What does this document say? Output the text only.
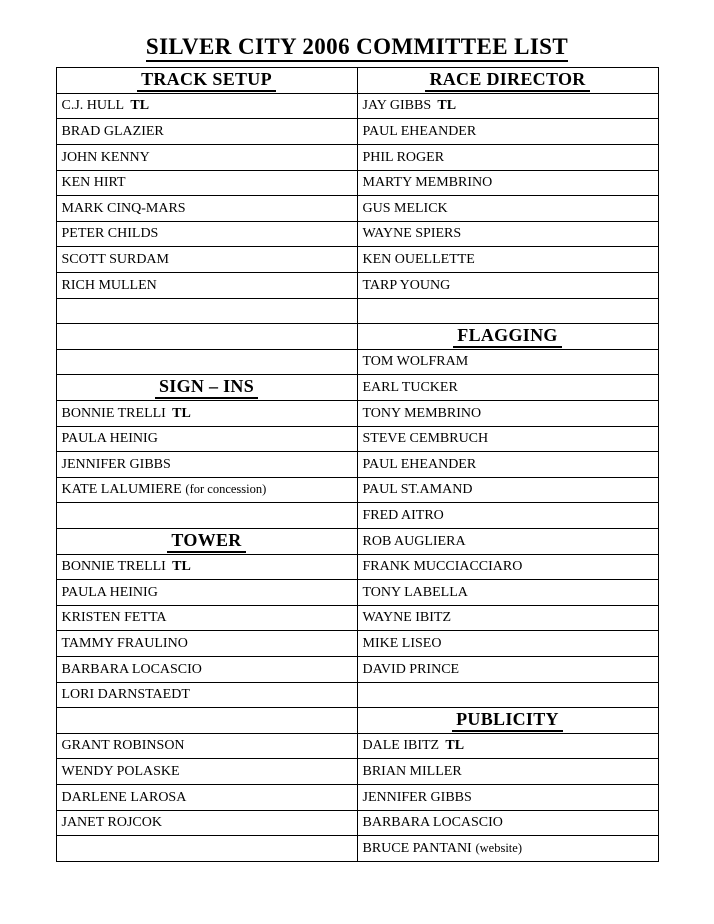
SILVER CITY 2006 COMMITTEE LIST
TRACK SETUP	RACE DIRECTOR
C.J. HULL TL	JAY GIBBS TL
BRAD GLAZIER	PAUL EHEANDER
JOHN KENNY	PHIL ROGER
KEN HIRT	MARTY MEMBRINO
MARK CINQ-MARS	GUS MELICK
PETER CHILDS	WAYNE SPIERS
SCOTT SURDAM	KEN OUELLETTE
RICH MULLEN	TARP YOUNG

	FLAGGING
	TOM WOLFRAM
SIGN – INS	EARL TUCKER
BONNIE TRELLI TL	TONY MEMBRINO
PAULA HEINIG	STEVE CEMBRUCH
JENNIFER GIBBS	PAUL EHEANDER
KATE LALUMIERE (for concession)	PAUL ST.AMAND
	FRED AITRO
TOWER	ROB AUGLIERA
BONNIE TRELLI TL	FRANK MUCCIACCIARO
PAULA HEINIG	TONY LABELLA
KRISTEN FETTA	WAYNE IBITZ
TAMMY FRAULINO	MIKE LISEO
BARBARA LOCASCIO	DAVID PRINCE
LORI DARNSTAEDT	
	PUBLICITY
GRANT ROBINSON	DALE IBITZ TL
WENDY POLASKE	BRIAN MILLER
DARLENE LAROSA	JENNIFER GIBBS
JANET ROJCOK	BARBARA LOCASCIO
	BRUCE PANTANI (website)
